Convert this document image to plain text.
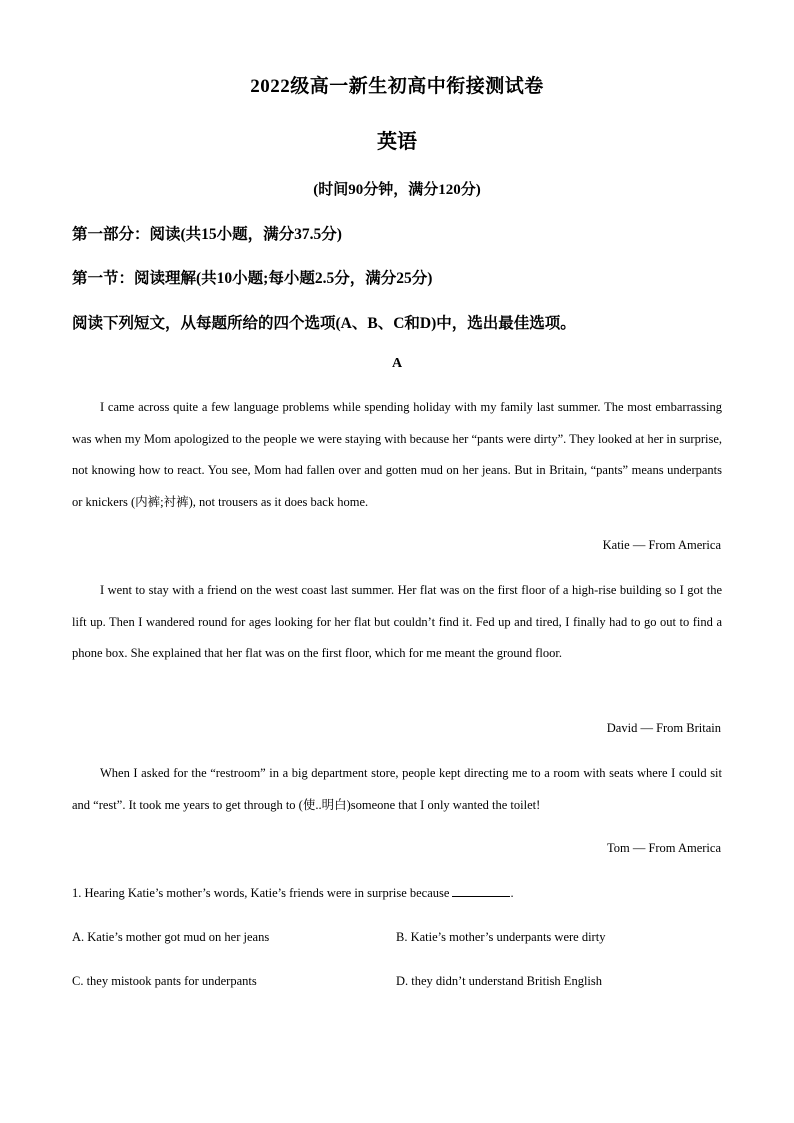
2022级高一新生初高中衔接测试卷
英语
(时间90分钟，满分120分)
第一部分：阅读(共15小题，满分37.5分)
第一节：阅读理解(共10小题;每小题2.5分，满分25分)
阅读下列短文，从每题所给的四个选项(A、B、C和D)中，选出最佳选项。
A

I came across quite a few language problems while spending holiday with my family last summer. The most embarrassing was when my Mom apologized to the people we were staying with because her “pants were dirty”. They looked at her in surprise, not knowing how to react. You see, Mom had fallen over and gotten mud on her jeans. But in Britain, “pants” means underpants or knickers (内裤;衬裤), not trousers as it does back home.

Katie — From America

I went to stay with a friend on the west coast last summer. Her flat was on the first floor of a high-rise building so I got the lift up. Then I wandered round for ages looking for her flat but couldn’t find it. Fed up and tired, I finally had to go out to find a phone box. She explained that her flat was on the first floor, which for me meant the ground floor.

David — From Britain

When I asked for the “restroom” in a big department store, people kept directing me to a room with seats where I could sit and “rest”. It took me years to get through to (使..明白)someone that I only wanted the toilet!

Tom — From America
1. Hearing Katie’s mother’s words, Katie’s friends were in surprise because	.
A. Katie’s mother got mud on her jeans	B. Katie’s mother’s underpants were dirty
C. they mistook pants for underpants	D. they didn’t understand British English
